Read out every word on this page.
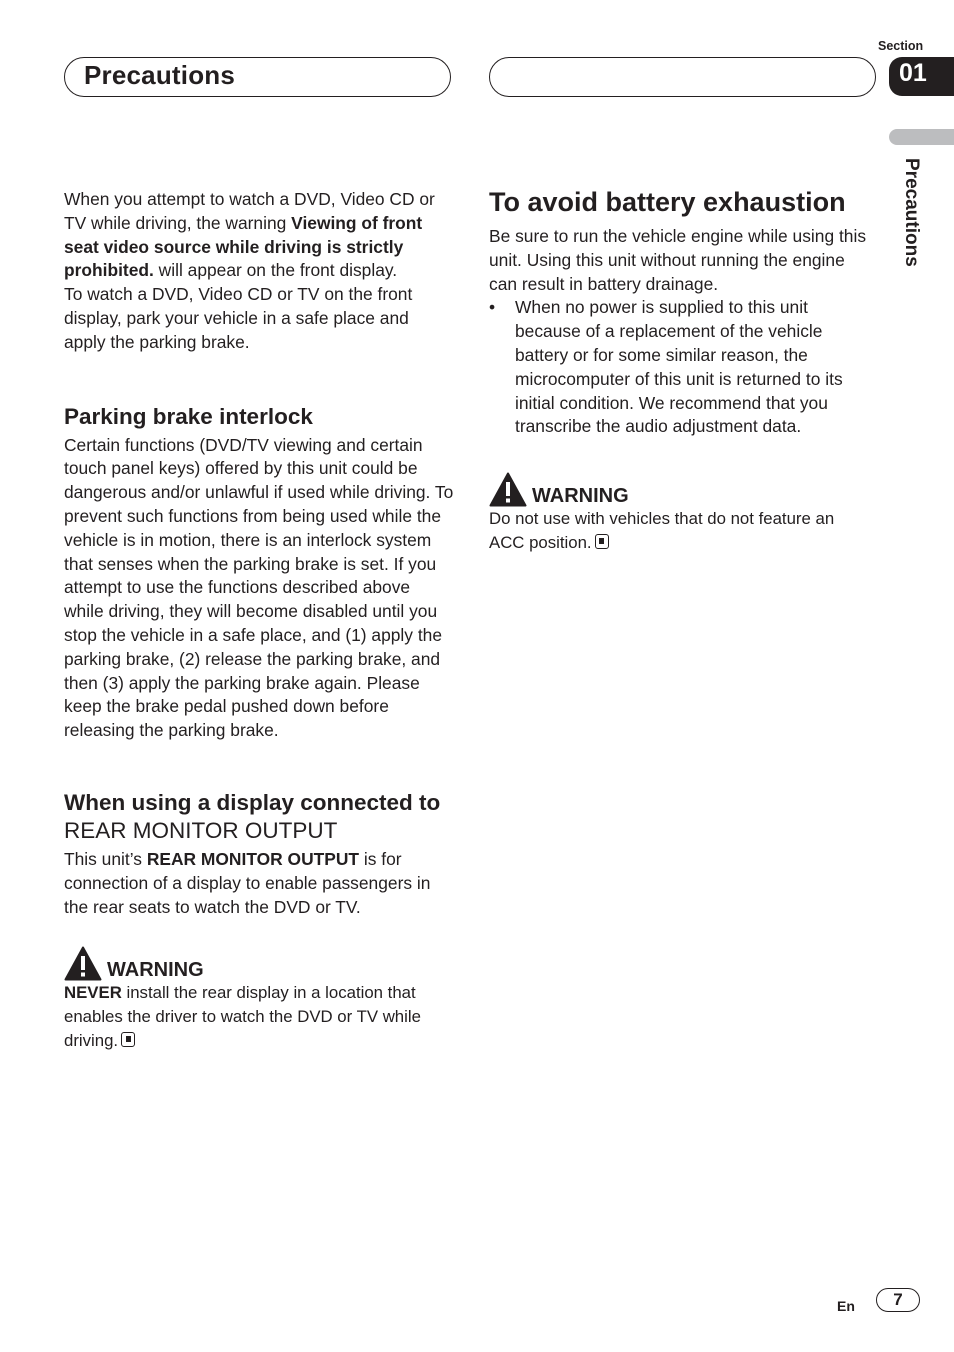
Precautions
Section
01
Precautions

When you attempt to watch a DVD, Video CD or TV while driving, the warning Viewing of front seat video source while driving is strictly prohibited. will appear on the front display.

To watch a DVD, Video CD or TV on the front display, park your vehicle in a safe place and apply the parking brake.

Parking brake interlock

Certain functions (DVD/TV viewing and certain touch panel keys) offered by this unit could be dangerous and/or unlawful if used while driving. To prevent such functions from being used while the vehicle is in motion, there is an interlock system that senses when the parking brake is set. If you attempt to use the functions described above while driving, they will become disabled until you stop the vehicle in a safe place, and (1) apply the parking brake, (2) release the parking brake, and then (3) apply the parking brake again. Please keep the brake pedal pushed down before releasing the parking brake.

When using a display connected to REAR MONITOR OUTPUT

This unit’s REAR MONITOR OUTPUT is for connection of a display to enable passengers in the rear seats to watch the DVD or TV.

WARNING

NEVER install the rear display in a location that enables the driver to watch the DVD or TV while driving.

To avoid battery exhaustion

Be sure to run the vehicle engine while using this unit. Using this unit without running the engine can result in battery drainage.

• When no power is supplied to this unit because of a replacement of the vehicle battery or for some similar reason, the microcomputer of this unit is returned to its initial condition. We recommend that you transcribe the audio adjustment data.
WARNING

Do not use with vehicles that do not feature an ACC position.

En	7
